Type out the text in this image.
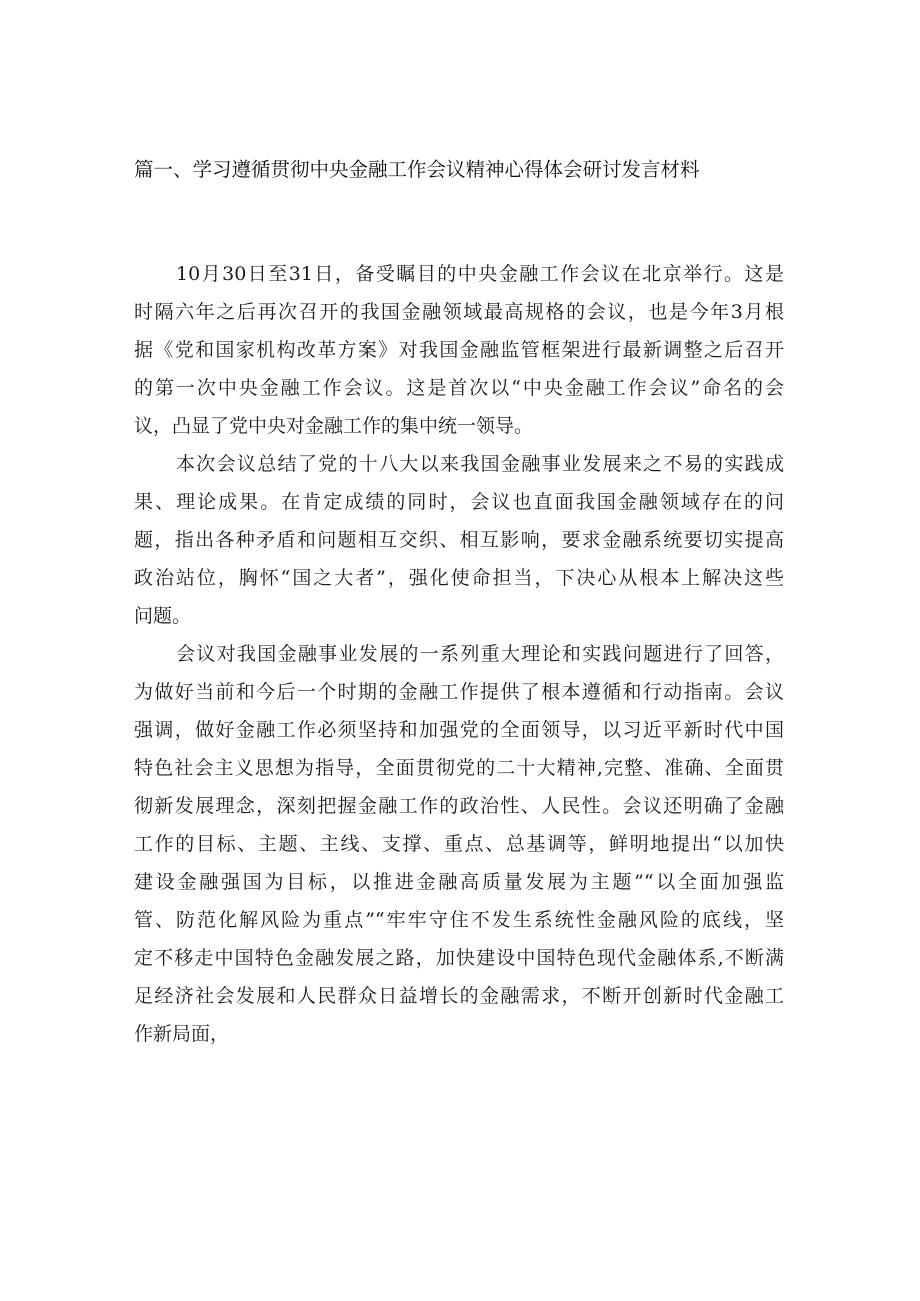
篇一、学习遵循贯彻中央金融工作会议精神心得体会研讨发言材料

10月30日至31日，备受瞩目的中央金融工作会议在北京举行。这是
时隔六年之后再次召开的我国金融领域最高规格的会议，也是今年3月根
据《党和国家机构改革方案》对我国金融监管框架进行最新调整之后召开
的第一次中央金融工作会议。这是首次以“中央金融工作会议”命名的会
议，凸显了党中央对金融工作的集中统一领导。

本次会议总结了党的十八大以来我国金融事业发展来之不易的实践成
果、理论成果。在肯定成绩的同时，会议也直面我国金融领域存在的问
题，指出各种矛盾和问题相互交织、相互影响，要求金融系统要切实提高
政治站位，胸怀“国之大者”，强化使命担当，下决心从根本上解决这些
问题。

会议对我国金融事业发展的一系列重大理论和实践问题进行了回答，
为做好当前和今后一个时期的金融工作提供了根本遵循和行动指南。会议
强调，做好金融工作必须坚持和加强党的全面领导，以习近平新时代中国
特色社会主义思想为指导，全面贯彻党的二十大精神,完整、准确、全面贯
彻新发展理念，深刻把握金融工作的政治性、人民性。会议还明确了金融
工作的目标、主题、主线、支撑、重点、总基调等，鲜明地提出“以加快
建设金融强国为目标，以推进金融高质量发展为主题”“以全面加强监
管、防范化解风险为重点”“牢牢守住不发生系统性金融风险的底线，坚
定不移走中国特色金融发展之路，加快建设中国特色现代金融体系,不断满
足经济社会发展和人民群众日益增长的金融需求，不断开创新时代金融工
作新局面，
